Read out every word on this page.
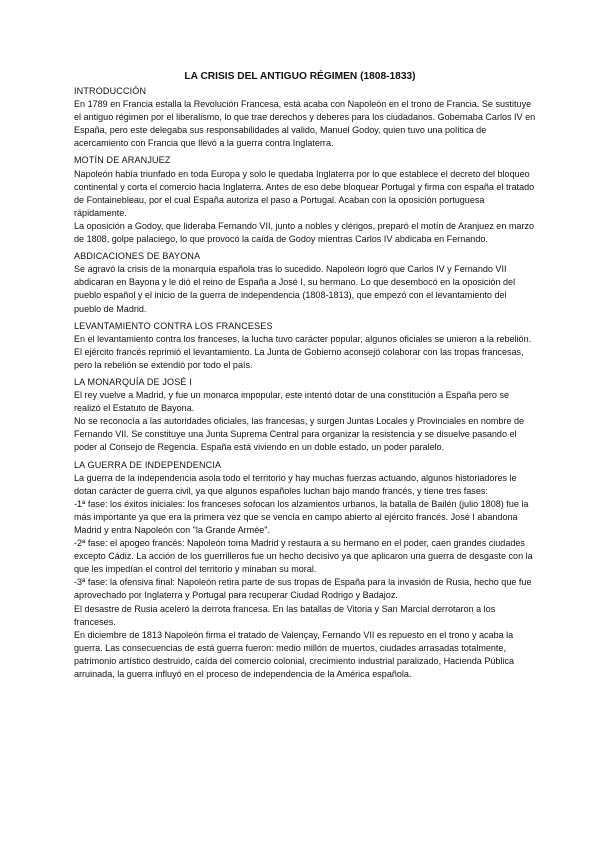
LA CRISIS DEL ANTIGUO RÉGIMEN (1808-1833)
INTRODUCCIÓN

En 1789 en Francia estalla la Revolución Francesa, está acaba con Napoleón en el trono de Francia. Se sustituye el antiguo régimen por el liberalismo, lo que trae derechos y deberes para los ciudadanos. Gobernaba Carlos IV en España, pero este delegaba sus responsabilidades al valido, Manuel Godoy, quien tuvo una política de acercamiento con Francia que llevó a la guerra contra Inglaterra.

MOTÍN DE ARANJUEZ

Napoleón había triunfado en toda Europa y solo le quedaba Inglaterra por lo que establece el decreto del bloqueo continental y corta el comercio hacia Inglaterra. Antes de eso debe bloquear Portugal y firma con españa el tratado de Fontainebleau, por el cual España autoriza el paso a Portugal. Acaban con la oposición portuguesa rápidamente.

La oposición a Godoy, que lideraba Fernando VII, junto a nobles y clérigos, preparó el motín de Aranjuez en marzo de 1808, golpe palaciego, lo que provocó la caída de Godoy mientras Carlos IV abdicaba en Fernando.

ABDICACIONES DE BAYONA

Se agravó la crisis de la monarquía española tras lo sucedido. Napoleón logró que Carlos IV y Fernando VII abdicaran en Bayona y le dió el reino de España a José I, su hermano. Lo que desembocó en la oposición del pueblo español y el inicio de la guerra de independencia (1808-1813), que empezó con el levantamiento del pueblo de Madrid.

LEVANTAMIENTO CONTRA LOS FRANCESES

En el levantamiento contra los franceses, la lucha tuvo carácter popular, algunos oficiales se unieron a la rebelión. El ejército francés reprimió el levantamiento. La Junta de Gobierno aconsejó colaborar con las tropas francesas, pero la rebelión se extendió por todo el país.

LA MONARQUÍA DE JOSÉ I

El rey vuelve a Madrid, y fue un monarca impopular, este intentó dotar de una constitución a España pero se realizó el Estatuto de Bayona.

No se reconocía a las autoridades oficiales, las francesas, y surgen Juntas Locales y Provinciales en nombre de Fernando VII. Se constituye una Junta Suprema Central para organizar la resistencia y se disuelve pasando el poder al Consejo de Regencia. España está viviendo en un doble estado, un poder paralelo.

LA GUERRA DE INDEPENDENCIA

La guerra de la independencia asola todo el territorio y hay muchas fuerzas actuando, algunos historiadores le dotan carácter de guerra civil, ya que algunos españoles luchan bajo mando francés, y tiene tres fases:

-1ª fase: los éxitos iniciales: los franceses sofocan los alzamientos urbanos, la batalla de Bailén (julio 1808) fue la más importante ya que era la primera vez que se vencía en campo abierto al ejército francés. José I abandona Madrid y entra Napoleón con "la Grande Armée".

-2ª fase: el apogeo francés: Napoleón toma Madrid y restaura a su hermano en el poder, caen grandes ciudades excepto Cádiz. La acción de los guerrilleros fue un hecho decisivo ya que aplicaron una guerra de desgaste con la que les impedían el control del territorio y minaban su moral.

-3ª fase: la ofensiva final: Napoleón retira parte de sus tropas de España para la invasión de Rusia, hecho que fue aprovechado por Inglaterra y Portugal para recuperar Ciudad Rodrigo y Badajoz.

El desastre de Rusia aceleró la derrota francesa. En las batallas de Vitoria y San Marcial derrotaron a los franceses.

En diciembre de 1813 Napoleón firma el tratado de Valençay, Fernando VII es repuesto en el trono y acaba la guerra. Las consecuencias de está guerra fueron: medio millón de muertos, ciudades arrasadas totalmente, patrimonio artístico destruido, caída del comercio colonial, crecimiento industrial paralizado, Hacienda Pública arruinada, la guerra influyó en el proceso de independencia de la América española.
